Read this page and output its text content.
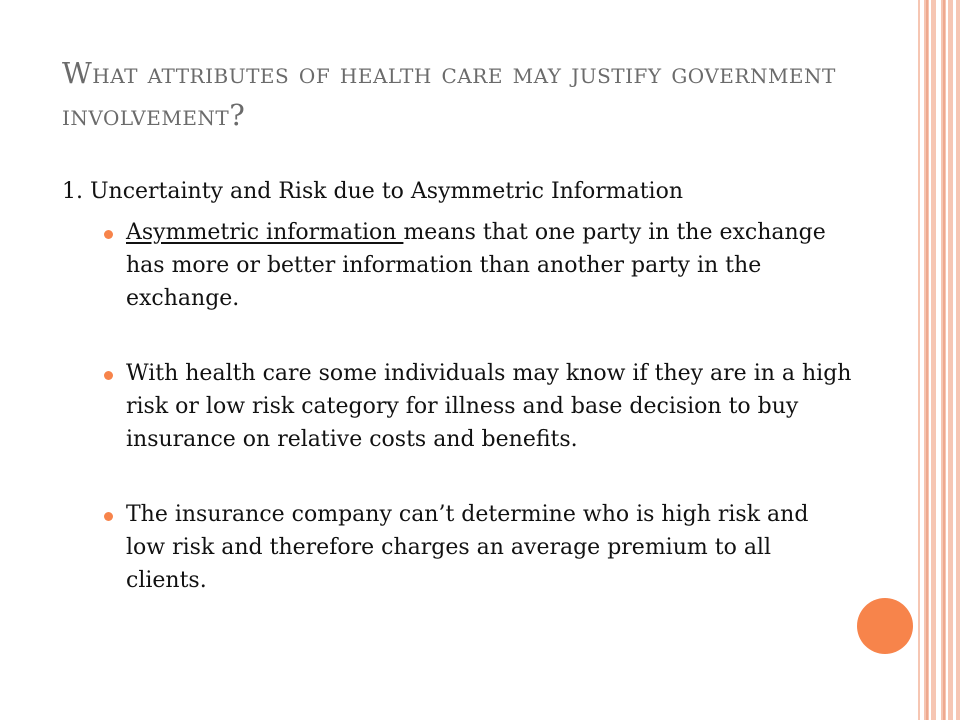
What attributes of health care may justify government involvement?
1. Uncertainty and Risk due to Asymmetric Information
Asymmetric information means that one party in the exchange has more or better information than another party in the exchange.
With health care some individuals may know if they are in a high risk or low risk category for illness and base decision to buy insurance on relative costs and benefits.
The insurance company can’t determine who is high risk and low risk and therefore charges an average premium to all clients.
